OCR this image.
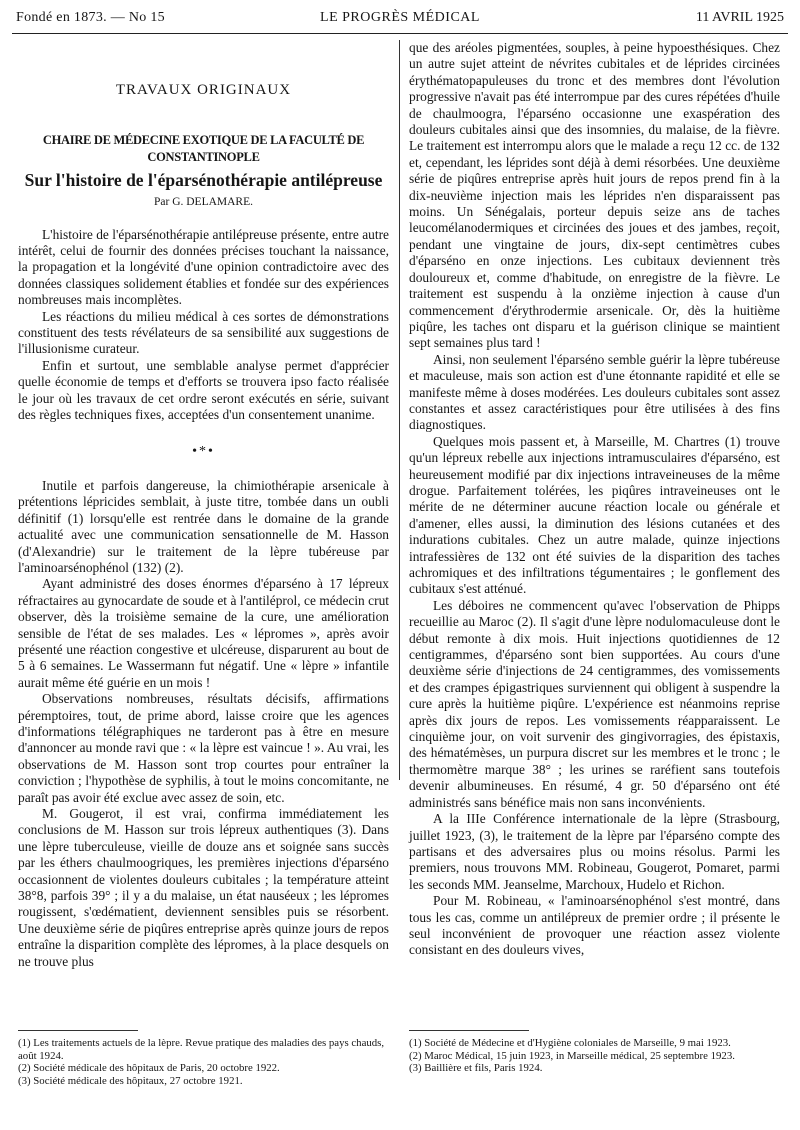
Fondé en 1873. — No 15	LE PROGRÈS MÉDICAL	11 AVRIL 1925
TRAVAUX ORIGINAUX
CHAIRE DE MÉDECINE EXOTIQUE DE LA FACULTÉ DE CONSTANTINOPLE
Sur l'histoire de l'éparsénothérapie antilépreuse
Par G. DELAMARE.

L'histoire de l'éparsénothérapie antilépreuse présente, entre autre intérêt, celui de fournir des données précises touchant la naissance, la propagation et la longévité d'une opinion contradictoire avec des données classiques solidement établies et fondée sur des expériences nombreuses mais incomplètes.

Les réactions du milieu médical à ces sortes de démonstrations constituent des tests révélateurs de sa sensibilité aux suggestions de l'illusionisme curateur.

Enfin et surtout, une semblable analyse permet d'apprécier quelle économie de temps et d'efforts se trouvera ipso facto réalisée le jour où les travaux de cet ordre seront exécutés en série, suivant des règles techniques fixes, acceptées d'un consentement unanime.

•*•

Inutile et parfois dangereuse, la chimiothérapie arsenicale à prétentions lépricides semblait, à juste titre, tombée dans un oubli définitif (1) lorsqu'elle est rentrée dans le domaine de la grande actualité avec une communication sensationnelle de M. Hasson (d'Alexandrie) sur le traitement de la lèpre tubéreuse par l'aminoarsénophénol (132) (2).

Ayant administré des doses énormes d'éparséno à 17 lépreux réfractaires au gynocardate de soude et à l'antiléprol, ce médecin crut observer, dès la troisième semaine de la cure, une amélioration sensible de l'état de ses malades. Les « lépromes », après avoir présenté une réaction congestive et ulcéreuse, disparurent au bout de 5 à 6 semaines. Le Wassermann fut négatif. Une « lèpre » infantile aurait même été guérie en un mois !

Observations nombreuses, résultats décisifs, affirmations péremptoires, tout, de prime abord, laisse croire que les agences d'informations télégraphiques ne tarderont pas à être en mesure d'annoncer au monde ravi que : « la lèpre est vaincue ! ». Au vrai, les observations de M. Hasson sont trop courtes pour entraîner la conviction ; l'hypothèse de syphilis, à tout le moins concomitante, ne paraît pas avoir été exclue avec assez de soin, etc.

M. Gougerot, il est vrai, confirma immédiatement les conclusions de M. Hasson sur trois lépreux authentiques (3). Dans une lèpre tuberculeuse, vieille de douze ans et soignée sans succès par les éthers chaulmoogriques, les premières injections d'éparséno occasionnent de violentes douleurs cubitales ; la température atteint 38°8, parfois 39° ; il y a du malaise, un état nauséeux ; les lépromes rougissent, s'œdématient, deviennent sensibles puis se résorbent. Une deuxième série de piqûres entreprise après quinze jours de repos entraîne la disparition complète des lépromes, à la place desquels on ne trouve plus

que des aréoles pigmentées, souples, à peine hypoesthésiques. Chez un autre sujet atteint de névrites cubitales et de léprides circinées érythématopapuleuses du tronc et des membres dont l'évolution progressive n'avait pas été interrompue par des cures répétées d'huile de chaulmoogra, l'éparséno occasionne une exaspération des douleurs cubitales ainsi que des insomnies, du malaise, de la fièvre. Le traitement est interrompu alors que le malade a reçu 12 cc. de 132 et, cependant, les léprides sont déjà à demi résorbées. Une deuxième série de piqûres entreprise après huit jours de repos prend fin à la dix-neuvième injection mais les léprides n'en disparaissent pas moins. Un Sénégalais, porteur depuis seize ans de taches leucomélanodermiques et circinées des joues et des jambes, reçoit, pendant une vingtaine de jours, dix-sept centimètres cubes d'éparséno en onze injections. Les cubitaux deviennent très douloureux et, comme d'habitude, on enregistre de la fièvre. Le traitement est suspendu à la onzième injection à cause d'un commencement d'érythrodermie arsenicale. Or, dès la huitième piqûre, les taches ont disparu et la guérison clinique se maintient sept semaines plus tard !

Ainsi, non seulement l'éparséno semble guérir la lèpre tubéreuse et maculeuse, mais son action est d'une étonnante rapidité et elle se manifeste même à doses modérées. Les douleurs cubitales sont assez constantes et assez caractéristiques pour être utilisées à des fins diagnostiques.

Quelques mois passent et, à Marseille, M. Chartres (1) trouve qu'un lépreux rebelle aux injections intramusculaires d'éparséno, est heureusement modifié par dix injections intraveineuses de la même drogue. Parfaitement tolérées, les piqûres intraveineuses ont le mérite de ne déterminer aucune réaction locale ou générale et d'amener, elles aussi, la diminution des lésions cutanées et des indurations cubitales. Chez un autre malade, quinze injections intrafessières de 132 ont été suivies de la disparition des taches achromiques et des infiltrations tégumentaires ; le gonflement des cubitaux s'est atténué.

Les déboires ne commencent qu'avec l'observation de Phipps recueillie au Maroc (2). Il s'agit d'une lèpre nodulomaculeuse dont le début remonte à dix mois. Huit injections quotidiennes de 12 centigrammes, d'éparséno sont bien supportées. Au cours d'une deuxième série d'injections de 24 centigrammes, des vomissements et des crampes épigastriques surviennent qui obligent à suspendre la cure après la huitième piqûre. L'expérience est néanmoins reprise après dix jours de repos. Les vomissements réapparaissent. Le cinquième jour, on voit survenir des gingivorragies, des épistaxis, des hématémèses, un purpura discret sur les membres et le tronc ; le thermomètre marque 38° ; les urines se raréfient sans toutefois devenir albumineuses. En résumé, 4 gr. 50 d'éparséno ont été administrés sans bénéfice mais non sans inconvénients.

A la IIIe Conférence internationale de la lèpre (Strasbourg, juillet 1923, (3), le traitement de la lèpre par l'éparséno compte des partisans et des adversaires plus ou moins résolus. Parmi les premiers, nous trouvons MM. Robineau, Gougerot, Pomaret, parmi les seconds MM. Jeanselme, Marchoux, Hudelo et Richon.

Pour M. Robineau, « l'aminoarsénophénol s'est montré, dans tous les cas, comme un antilépreux de premier ordre ; il présente le seul inconvénient de provoquer une réaction assez violente consistant en des douleurs vives,

(1) Les traitements actuels de la lèpre. Revue pratique des maladies des pays chauds, août 1924.

(2) Société médicale des hôpitaux de Paris, 20 octobre 1922.

(3) Société médicale des hôpitaux, 27 octobre 1921.

(1) Société de Médecine et d'Hygiène coloniales de Marseille, 9 mai 1923.

(2) Maroc Médical, 15 juin 1923, in Marseille médical, 25 septembre 1923.

(3) Baillière et fils, Paris 1924.
